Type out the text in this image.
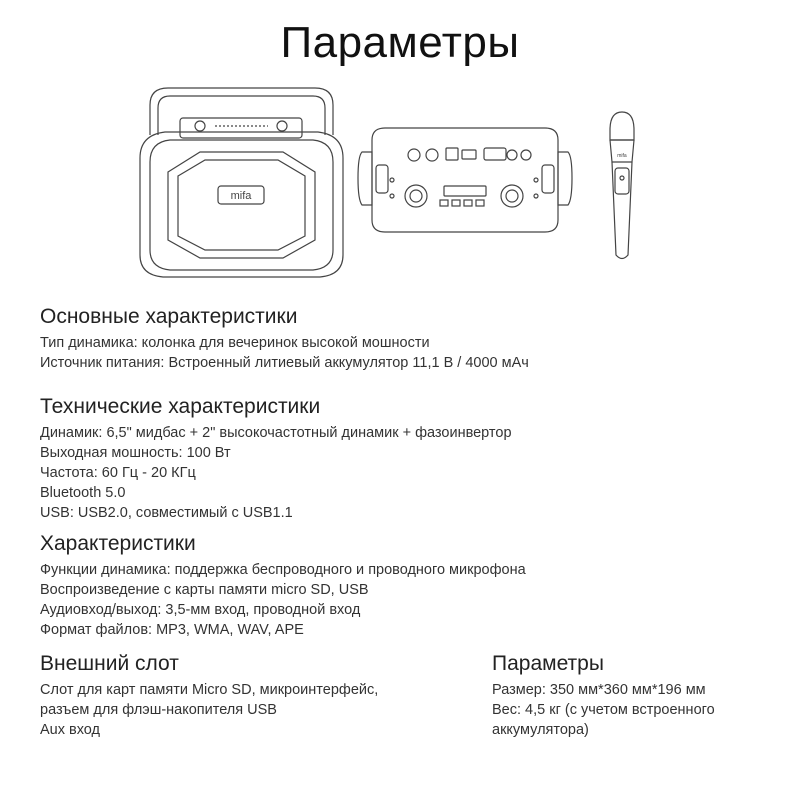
Параметры
mifa
mifa
Основные характеристики
Тип динамика: колонка для вечеринок высокой мошности
Источник питания: Встроенный литиевый аккумулятор 11,1 В / 4000 мАч
Технические характеристики
Динамик: 6,5" мидбас + 2" высокочастотный динамик + фазоинвертор
Выходная мошность: 100 Вт
Частота: 60 Гц - 20 КГц
Bluetooth 5.0
USB: USB2.0, совместимый с USB1.1
Характеристики
Функции динамика: поддержка беспроводного и проводного микрофона
Воспроизведение с карты памяти micro SD, USB
Аудиовход/выход: 3,5-мм вход, проводной вход
Формат файлов: MP3, WMA, WAV, APE
Внешний слот
Слот для карт памяти Micro SD, микроинтерфейс,
разъем для флэш-накопителя USB
Aux вход
Параметры
Размер: 350 мм*360 мм*196 мм
Вес: 4,5 кг (с учетом встроенного аккумулятора)
